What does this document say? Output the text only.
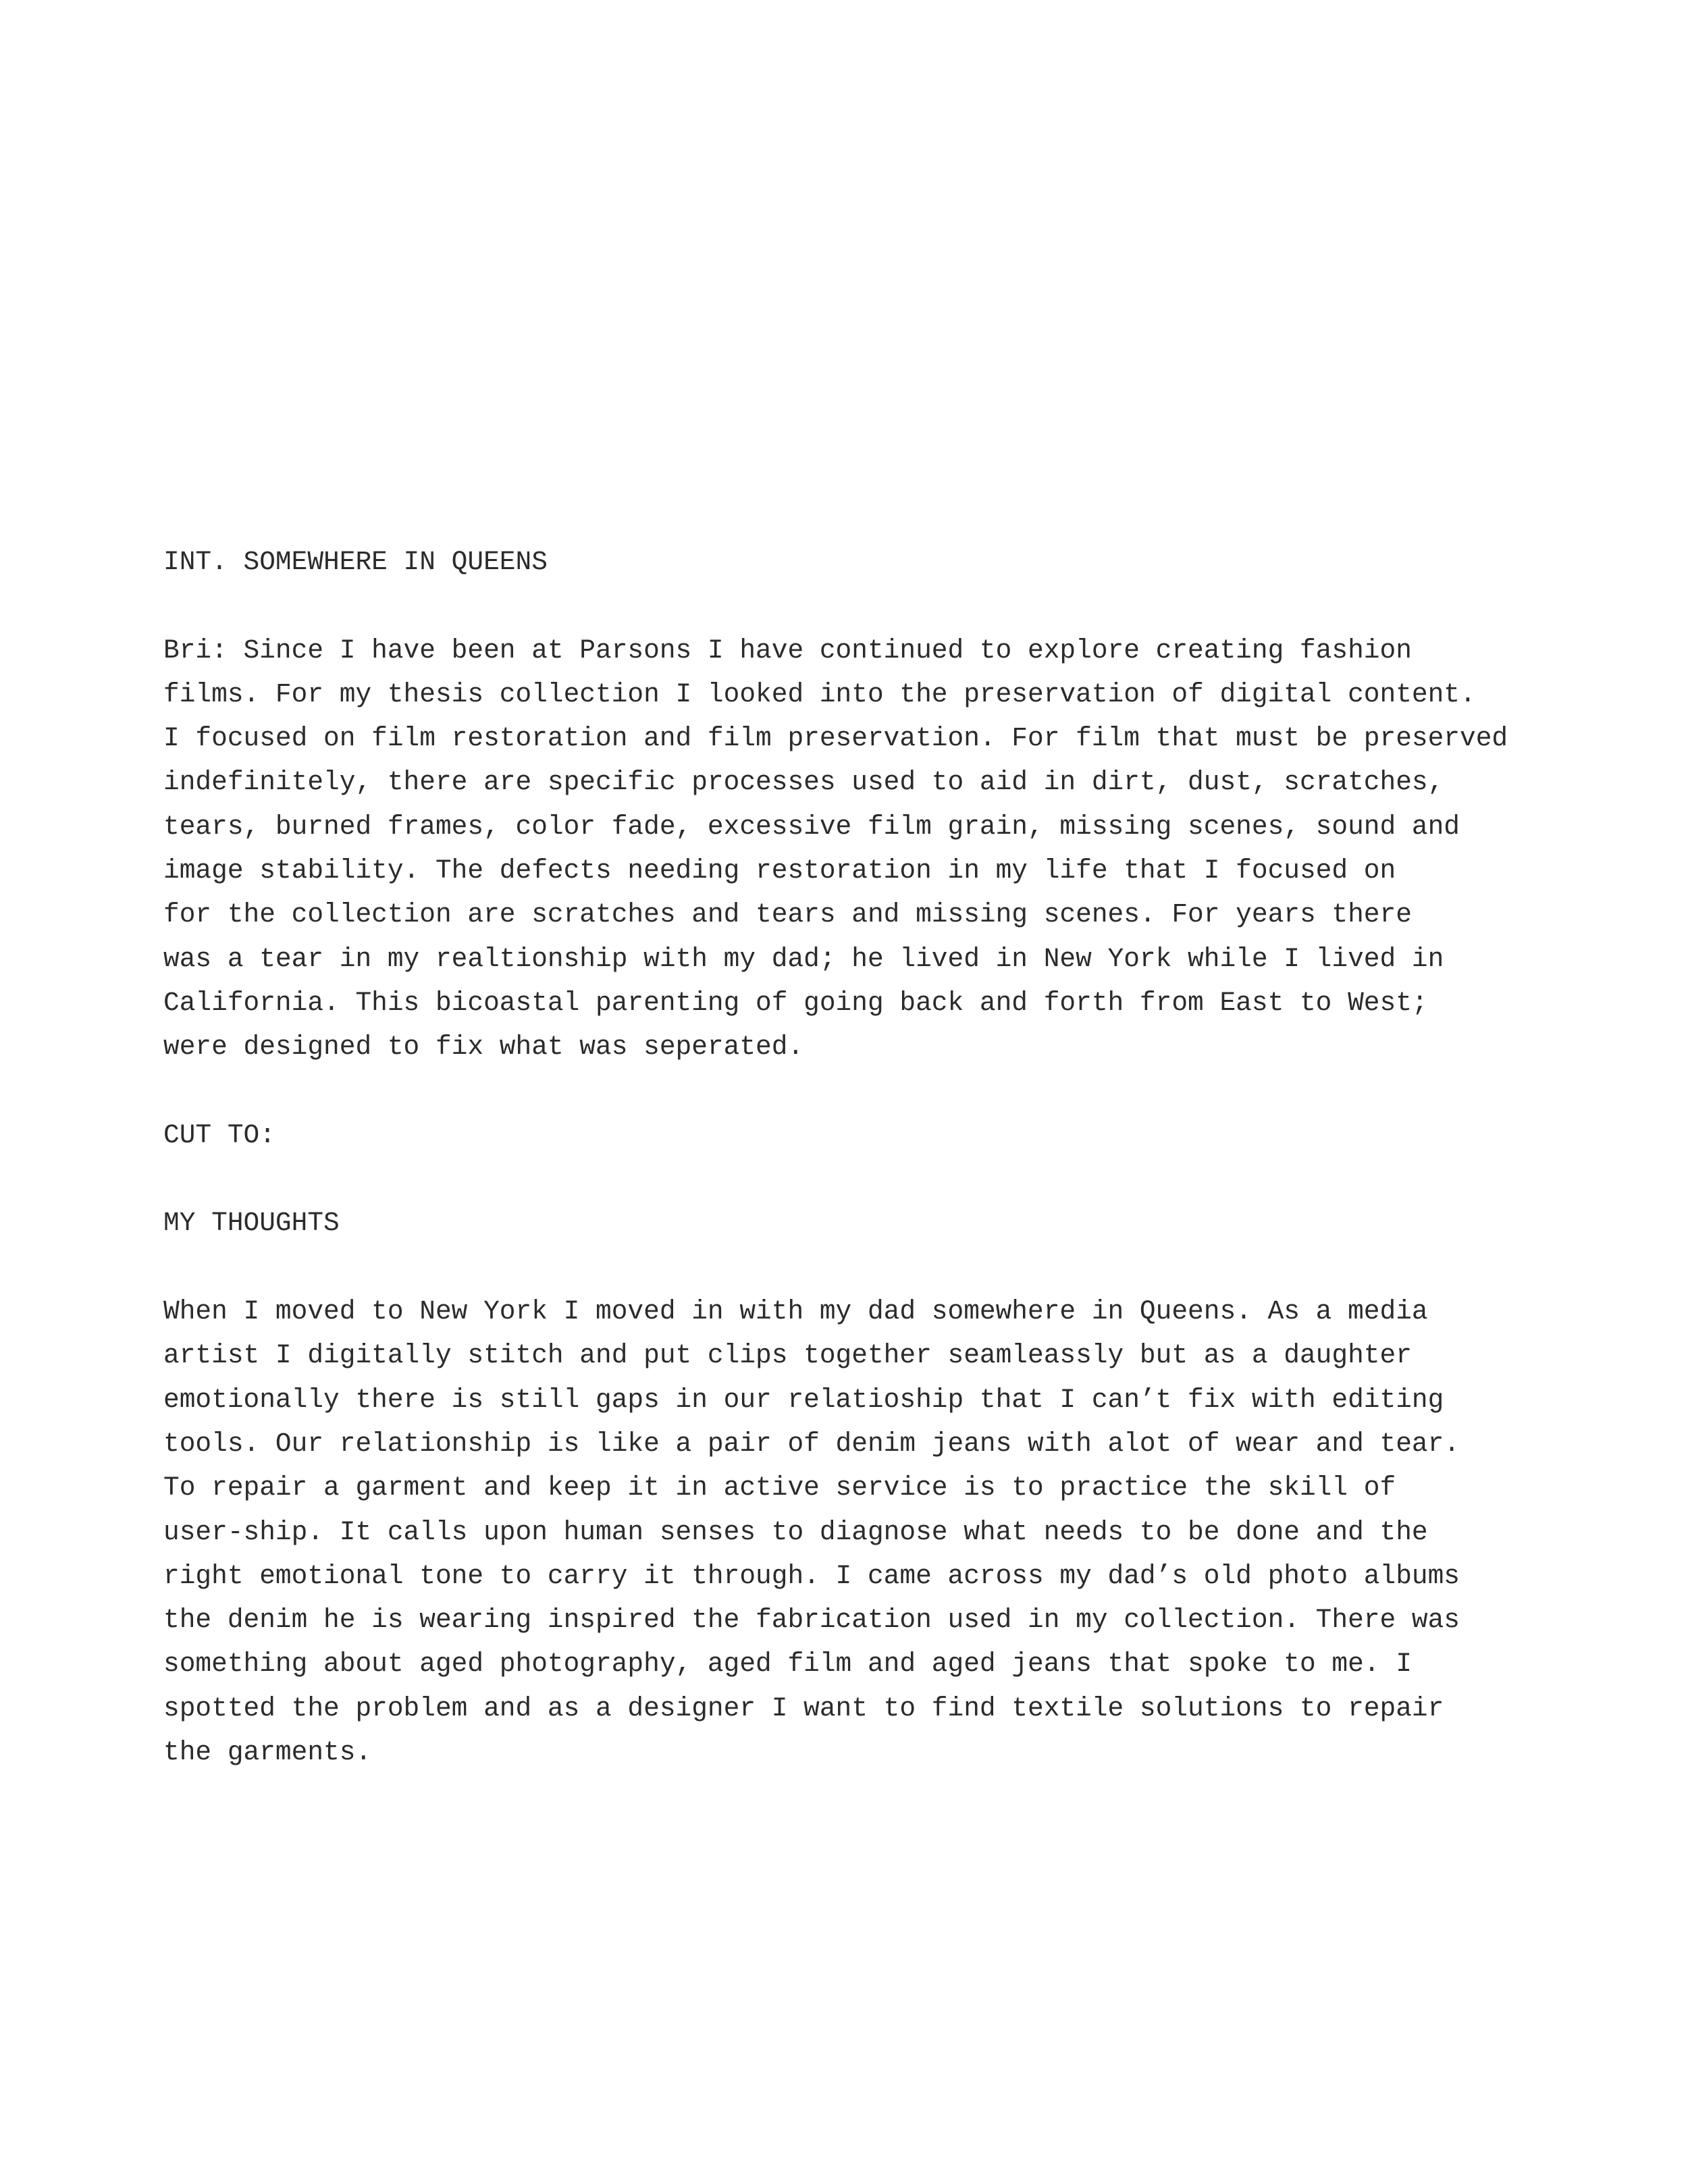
INT. SOMEWHERE IN QUEENS
Bri: Since I have been at Parsons I have continued to explore creating fashion
films. For my thesis collection I looked into the preservation of digital content.
I focused on film restoration and film preservation. For film that must be preserved
indefinitely, there are specific processes used to aid in dirt, dust, scratches,
tears, burned frames, color fade, excessive film grain, missing scenes, sound and
image stability. The defects needing restoration in my life that I focused on
for the collection are scratches and tears and missing scenes. For years there
was a tear in my realtionship with my dad; he lived in New York while I lived in
California. This bicoastal parenting of going back and forth from East to West;
were designed to fix what was seperated.
CUT TO:
MY THOUGHTS
When I moved to New York I moved in with my dad somewhere in Queens. As a media
artist I digitally stitch and put clips together seamleassly but as a daughter
emotionally there is still gaps in our relatioship that I can’t fix with editing
tools. Our relationship is like a pair of denim jeans with alot of wear and tear.
To repair a garment and keep it in active service is to practice the skill of
user-ship. It calls upon human senses to diagnose what needs to be done and the
right emotional tone to carry it through. I came across my dad’s old photo albums
the denim he is wearing inspired the fabrication used in my collection. There was
something about aged photography, aged film and aged jeans that spoke to me. I
spotted the problem and as a designer I want to find textile solutions to repair
the garments.
